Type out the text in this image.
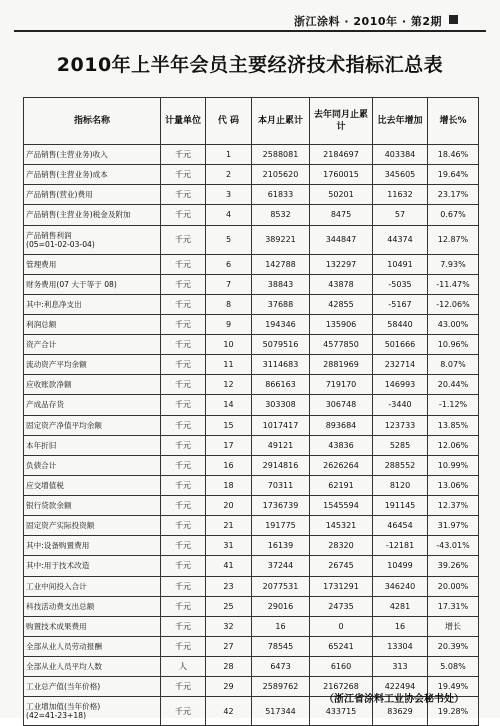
浙江涂料 · 2010年 · 第2期
2010年上半年会员主要经济技术指标汇总表
指标名称	计量单位	代 码	本月止累计	去年同月止累计	比去年增加	增长%
产品销售(主营业务)收入	千元	1	2588081	2184697	403384	18.46%
产品销售(主营业务)成本	千元	2	2105620	1760015	345605	19.64%
产品销售(营业)费用	千元	3	61833	50201	11632	23.17%
产品销售(主营业务)税金及附加	千元	4	8532	8475	57	0.67%
产品销售利润
(05=01-02-03-04)	千元	5	389221	344847	44374	12.87%
管理费用	千元	6	142788	132297	10491	7.93%
财务费用(07 大于等于 08)	千元	7	38843	43878	-5035	-11.47%
其中:利息净支出	千元	8	37688	42855	-5167	-12.06%
利润总额	千元	9	194346	135906	58440	43.00%
资产合计	千元	10	5079516	4577850	501666	10.96%
流动资产平均余额	千元	11	3114683	2881969	232714	8.07%
应收账款净额	千元	12	866163	719170	146993	20.44%
产成品存货	千元	14	303308	306748	-3440	-1.12%
固定资产净值平均余额	千元	15	1017417	893684	123733	13.85%
本年折旧	千元	17	49121	43836	5285	12.06%
负债合计	千元	16	2914816	2626264	288552	10.99%
应交增值税	千元	18	70311	62191	8120	13.06%
银行贷款余额	千元	20	1736739	1545594	191145	12.37%
固定资产实际投资额	千元	21	191775	145321	46454	31.97%
其中:设备购置费用	千元	31	16139	28320	-12181	-43.01%
其中:用于技术改造	千元	41	37244	26745	10499	39.26%
工业中间投入合计	千元	23	2077531	1731291	346240	20.00%
科技活动费支出总额	千元	25	29016	24735	4281	17.31%
购置技术成果费用	千元	32	16	0	16	增长
全部从业人员劳动报酬	千元	27	78545	65241	13304	20.39%
全部从业人员平均人数	人	28	6473	6160	313	5.08%
工业总产值(当年价格)	千元	29	2589762	2167268	422494	19.49%
工业增加值(当年价格)
(42=41-23+18)	千元	42	517344	433715	83629	19.28%
（浙江省涂料工业协会秘书处）
